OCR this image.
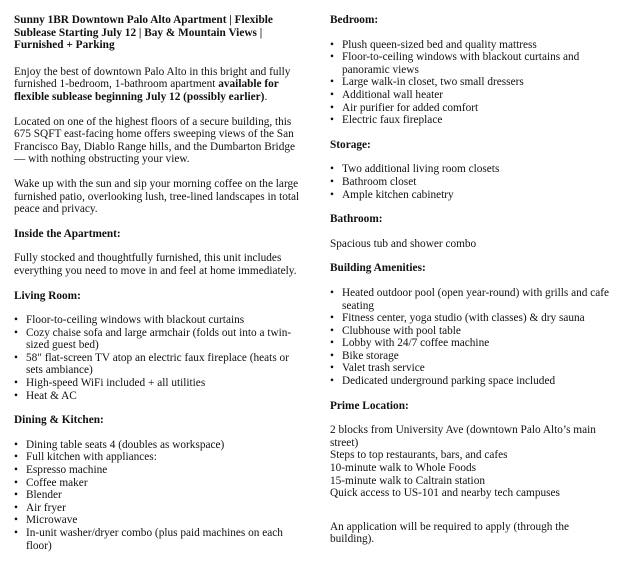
Sunny 1BR Downtown Palo Alto Apartment | Flexible Sublease Starting July 12 | Bay & Mountain Views | Furnished + Parking

Enjoy the best of downtown Palo Alto in this bright and fully furnished 1-bedroom, 1-bathroom apartment available for flexible sublease beginning July 12 (possibly earlier).

Located on one of the highest floors of a secure building, this 675 SQFT east-facing home offers sweeping views of the San Francisco Bay, Diablo Range hills, and the Dumbarton Bridge — with nothing obstructing your view.

Wake up with the sun and sip your morning coffee on the large furnished patio, overlooking lush, tree-lined landscapes in total peace and privacy.

Inside the Apartment:

Fully stocked and thoughtfully furnished, this unit includes everything you need to move in and feel at home immediately.

Living Room:

• Floor-to-ceiling windows with blackout curtains
• Cozy chaise sofa and large armchair (folds out into a twin-sized guest bed)
• 58" flat-screen TV atop an electric faux fireplace (heats or sets ambiance)
• High-speed WiFi included + all utilities
• Heat & AC

Dining & Kitchen:

• Dining table seats 4 (doubles as workspace)
• Full kitchen with appliances:
• Espresso machine
• Coffee maker
• Blender
• Air fryer
• Microwave
• In-unit washer/dryer combo (plus paid machines on each floor)

Bedroom:

• Plush queen-sized bed and quality mattress
• Floor-to-ceiling windows with blackout curtains and panoramic views
• Large walk-in closet, two small dressers
• Additional wall heater
• Air purifier for added comfort
• Electric faux fireplace

Storage:

• Two additional living room closets
• Bathroom closet
• Ample kitchen cabinetry

Bathroom:

Spacious tub and shower combo

Building Amenities:

• Heated outdoor pool (open year-round) with grills and cafe seating
• Fitness center, yoga studio (with classes) & dry sauna
• Clubhouse with pool table
• Lobby with 24/7 coffee machine
• Bike storage
• Valet trash service
• Dedicated underground parking space included

Prime Location:

2 blocks from University Ave (downtown Palo Alto’s main street)

Steps to top restaurants, bars, and cafes

10-minute walk to Whole Foods

15-minute walk to Caltrain station

Quick access to US-101 and nearby tech campuses

An application will be required to apply (through the building).
